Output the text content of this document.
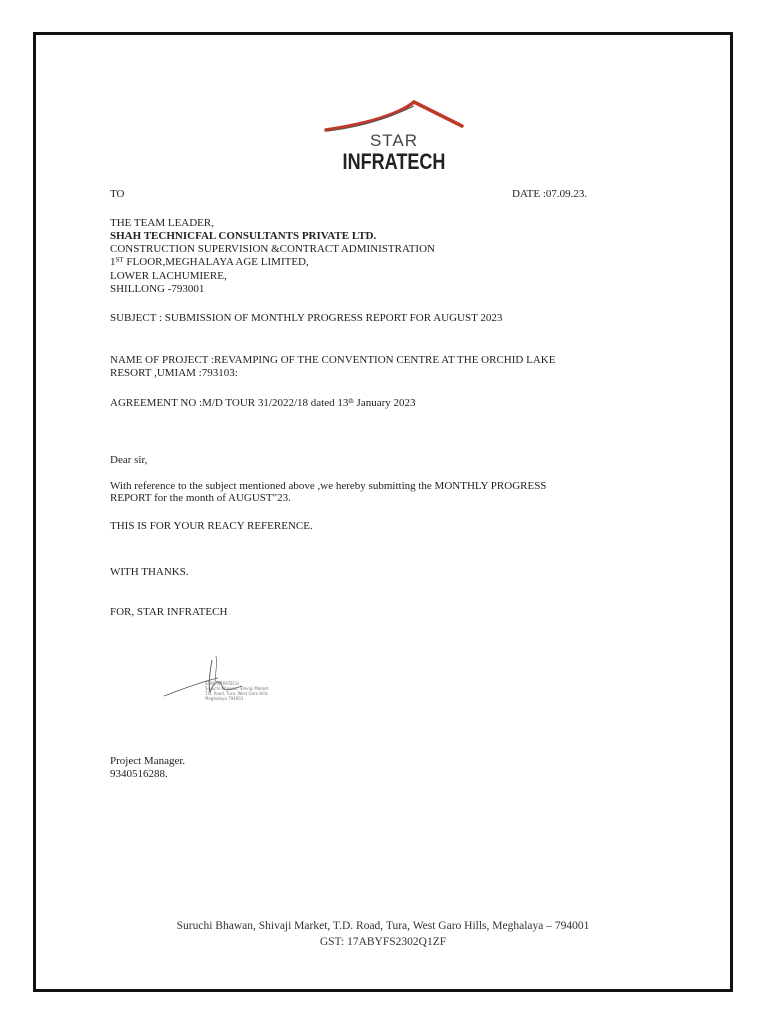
STAR
INFRATECH
TO	DATE :07.09.23.
THE TEAM LEADER,
SHAH TECHNICFAL CONSULTANTS PRIVATE LTD.
CONSTRUCTION SUPERVISION &CONTRACT ADMINISTRATION
1ST FLOOR,MEGHALAYA AGE LIMITED,
LOWER LACHUMIERE,
SHILLONG -793001
SUBJECT : SUBMISSION OF MONTHLY PROGRESS REPORT FOR AUGUST 2023
NAME OF PROJECT :REVAMPING OF THE CONVENTION CENTRE AT THE ORCHID LAKE
RESORT ,UMIAM :793103:
AGREEMENT NO :M/D TOUR 31/2022/18 dated 13th January 2023
Dear sir,
With reference to the subject mentioned above ,we hereby submitting the MONTHLY PROGRESS
REPORT for the month of AUGUST"23.
THIS IS FOR YOUR REACY REFERENCE.
WITH THANKS.
FOR, STAR INFRATECH
STAR INFRATECH
Suruchi Bhawan, Shivaji Market
T.D. Road, Tura, West Garo Hills
Meghalaya 794001
Project Manager.
9340516288.
Suruchi Bhawan, Shivaji Market, T.D. Road, Tura, West Garo Hills, Meghalaya – 794001
GST: 17ABYFS2302Q1ZF
